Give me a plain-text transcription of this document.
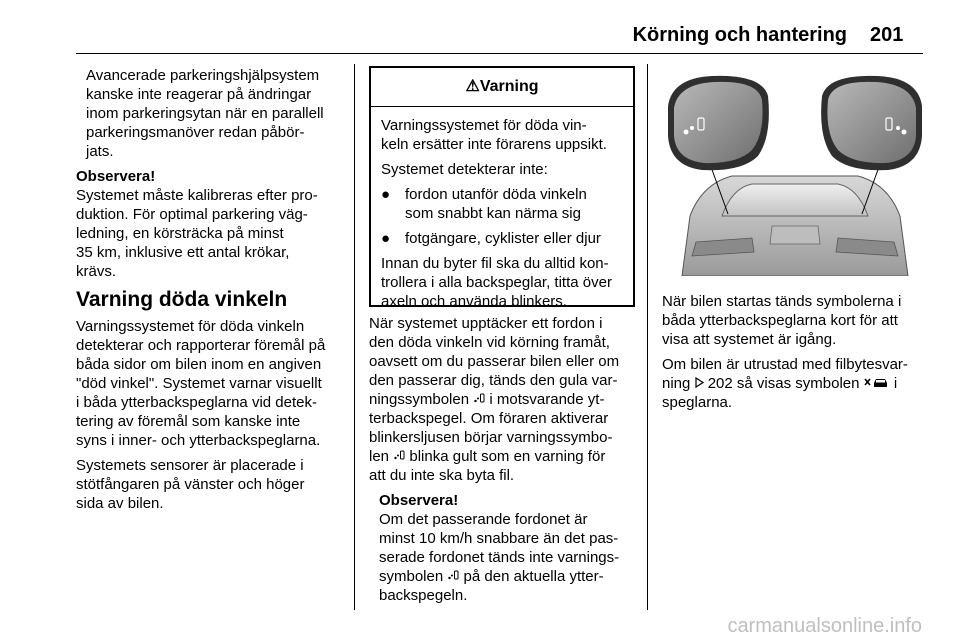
Körning och hantering 201

Avancerade parkeringshjälpsystem
kanske inte reagerar på ändringar
inom parkeringsytan när en parallell
parkeringsmanöver redan påbör-
jats.

Observera!

Systemet måste kalibreras efter pro-
duktion. För optimal parkering väg-
ledning, en körsträcka på minst
35 km, inklusive ett antal krökar,
krävs.

Varning döda vinkeln

Varningssystemet för döda vinkeln
detekterar och rapporterar föremål på
båda sidor om bilen inom en angiven
"död vinkel". Systemet varnar visuellt
i båda ytterbackspeglarna vid detek-
tering av föremål som kanske inte
syns i inner- och ytterbackspeglarna.

Systemets sensorer är placerade i
stötfångaren på vänster och höger
sida av bilen.

⚠Varning

Varningssystemet för döda vin-
keln ersätter inte förarens uppsikt.

Systemet detekterar inte:

● fordon utanför döda vinkeln
som snabbt kan närma sig
● fotgängare, cyklister eller djur

Innan du byter fil ska du alltid kon-
trollera i alla backspeglar, titta över
axeln och använda blinkers.

När systemet upptäcker ett fordon i
den döda vinkeln vid körning framåt,
oavsett om du passerar bilen eller om
den passerar dig, tänds den gula var-
ningssymbolen i motsvarande yt-
terbackspegel. Om föraren aktiverar
blinkersljusen börjar varningssymbo-
len blinka gult som en varning för
att du inte ska byta fil.

Observera!

Om det passerande fordonet är
minst 10 km/h snabbare än det pas-
serade fordonet tänds inte varnings-
symbolen på den aktuella ytter-
backspegeln.

När bilen startas tänds symbolerna i
båda ytterbackspeglarna kort för att
visa att systemet är igång.

Om bilen är utrustad med filbytesvar-
ning 202 så visas symbolen i
speglarna.

carmanualsonline.info
